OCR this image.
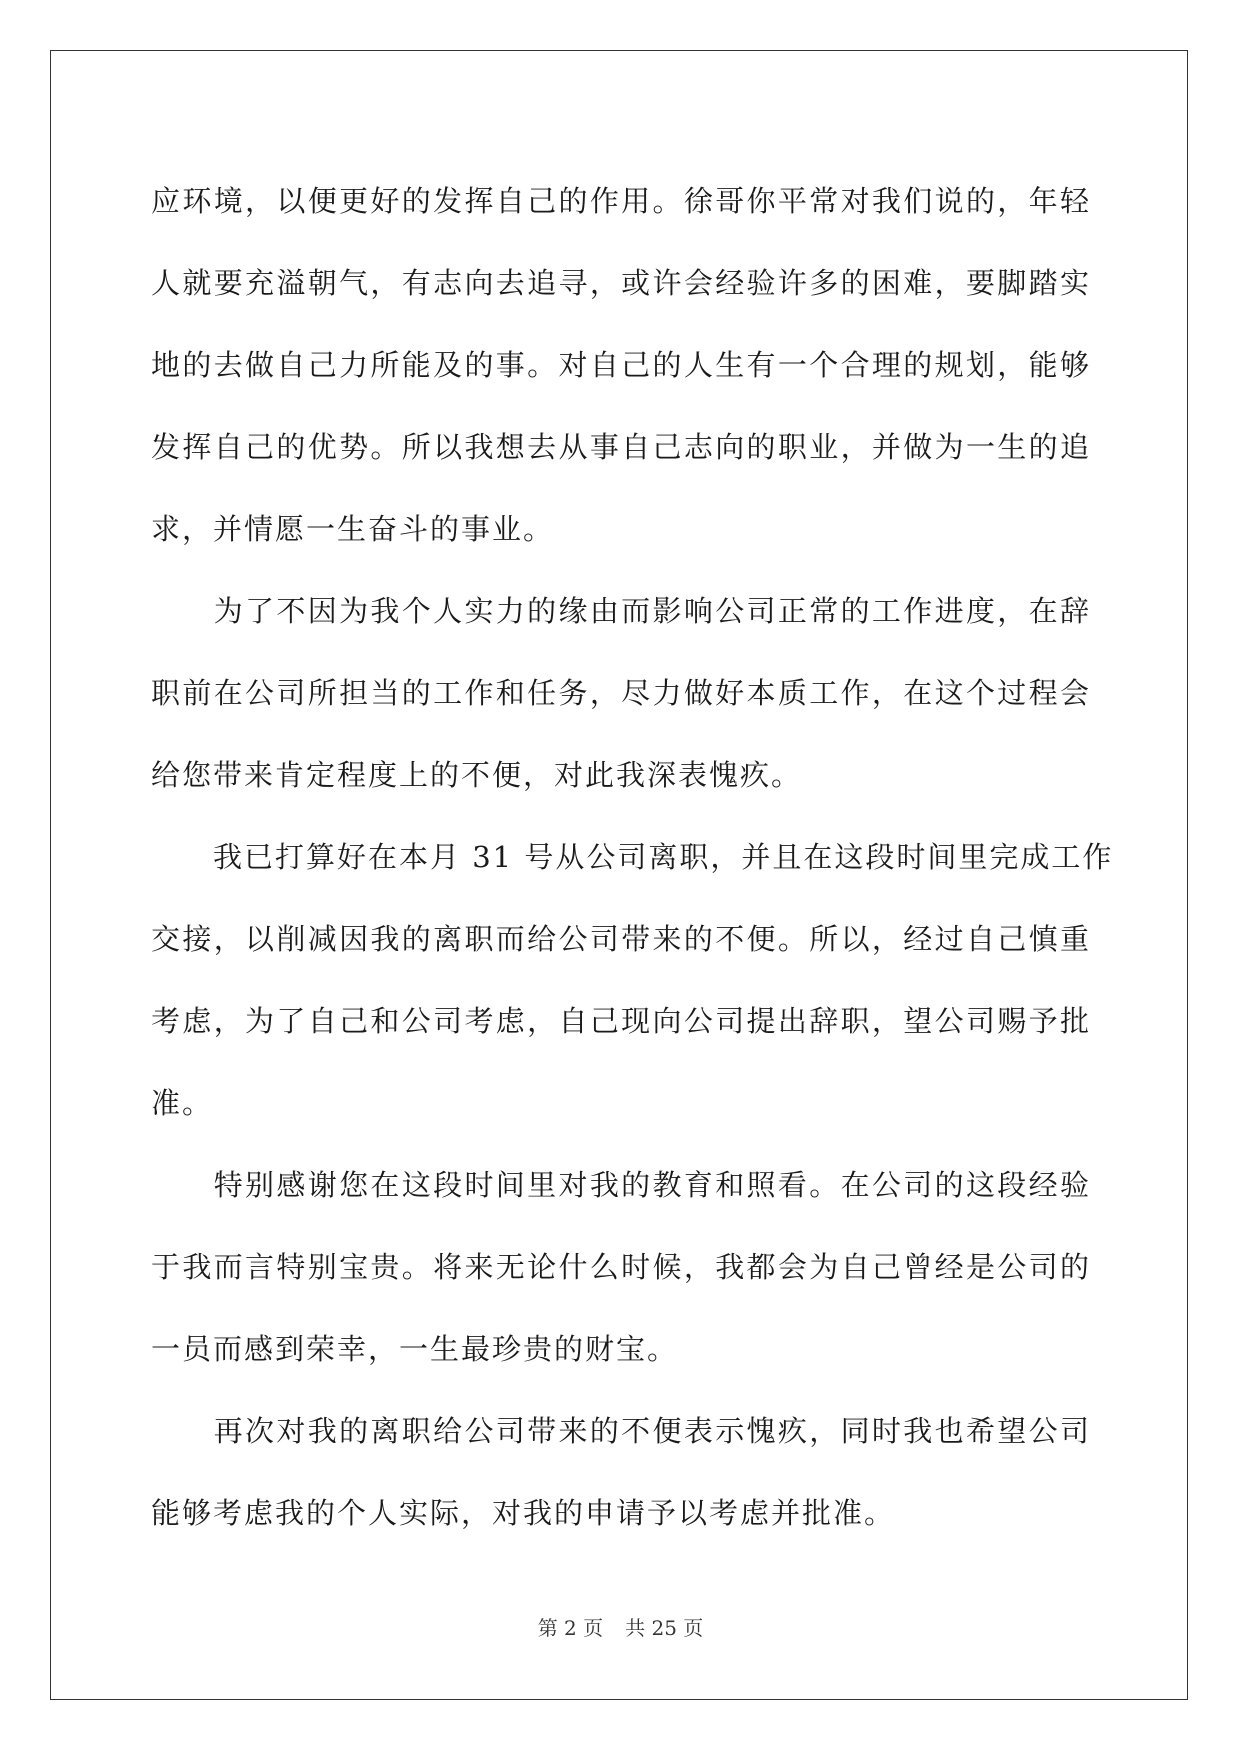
应环境，以便更好的发挥自己的作用。徐哥你平常对我们说的，年轻
人就要充溢朝气，有志向去追寻，或许会经验许多的困难，要脚踏实
地的去做自己力所能及的事。对自己的人生有一个合理的规划，能够
发挥自己的优势。所以我想去从事自己志向的职业，并做为一生的追
求，并情愿一生奋斗的事业。

　　为了不因为我个人实力的缘由而影响公司正常的工作进度，在辞
职前在公司所担当的工作和任务，尽力做好本质工作，在这个过程会
给您带来肯定程度上的不便，对此我深表愧疚。

　　我已打算好在本月 31 号从公司离职，并且在这段时间里完成工作
交接，以削减因我的离职而给公司带来的不便。所以，经过自己慎重
考虑，为了自己和公司考虑，自己现向公司提出辞职，望公司赐予批
准。

　　特别感谢您在这段时间里对我的教育和照看。在公司的这段经验
于我而言特别宝贵。将来无论什么时候，我都会为自己曾经是公司的
一员而感到荣幸，一生最珍贵的财宝。

　　再次对我的离职给公司带来的不便表示愧疚，同时我也希望公司
能够考虑我的个人实际，对我的申请予以考虑并批准。

第 2 页 共 25 页
